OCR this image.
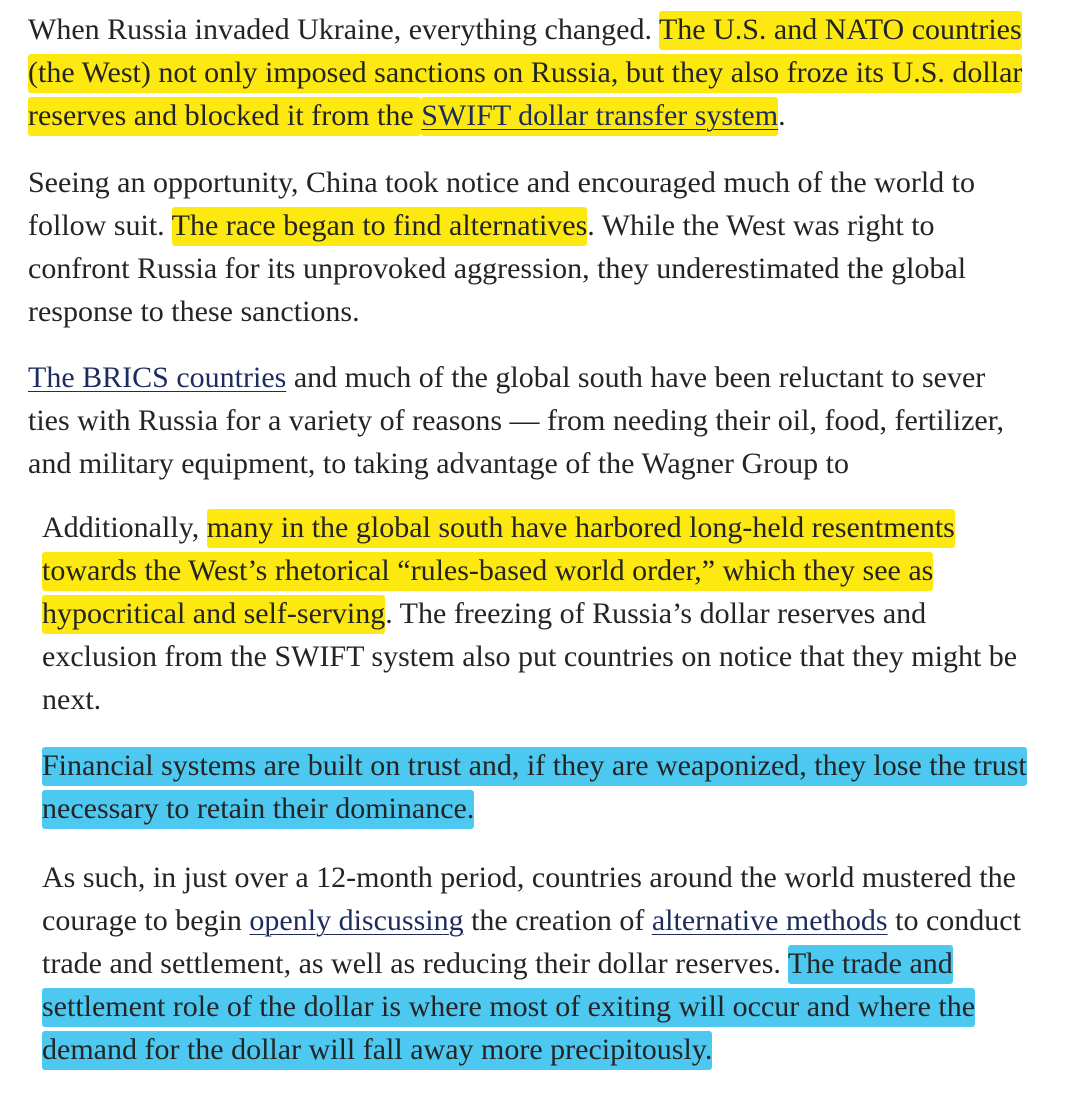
When Russia invaded Ukraine, everything changed. The U.S. and NATO countries (the West) not only imposed sanctions on Russia, but they also froze its U.S. dollar reserves and blocked it from the SWIFT dollar transfer system.

Seeing an opportunity, China took notice and encouraged much of the world to follow suit. The race began to find alternatives. While the West was right to confront Russia for its unprovoked aggression, they underestimated the global response to these sanctions.

The BRICS countries and much of the global south have been reluctant to sever ties with Russia for a variety of reasons — from needing their oil, food, fertilizer, and military equipment, to taking advantage of the Wagner Group to

Additionally, many in the global south have harbored long-held resentments towards the West’s rhetorical “rules-based world order,” which they see as hypocritical and self-serving. The freezing of Russia’s dollar reserves and exclusion from the SWIFT system also put countries on notice that they might be next.

Financial systems are built on trust and, if they are weaponized, they lose the trust necessary to retain their dominance.

As such, in just over a 12-month period, countries around the world mustered the courage to begin openly discussing the creation of alternative methods to conduct trade and settlement, as well as reducing their dollar reserves. The trade and settlement role of the dollar is where most of exiting will occur and where the demand for the dollar will fall away more precipitously.
